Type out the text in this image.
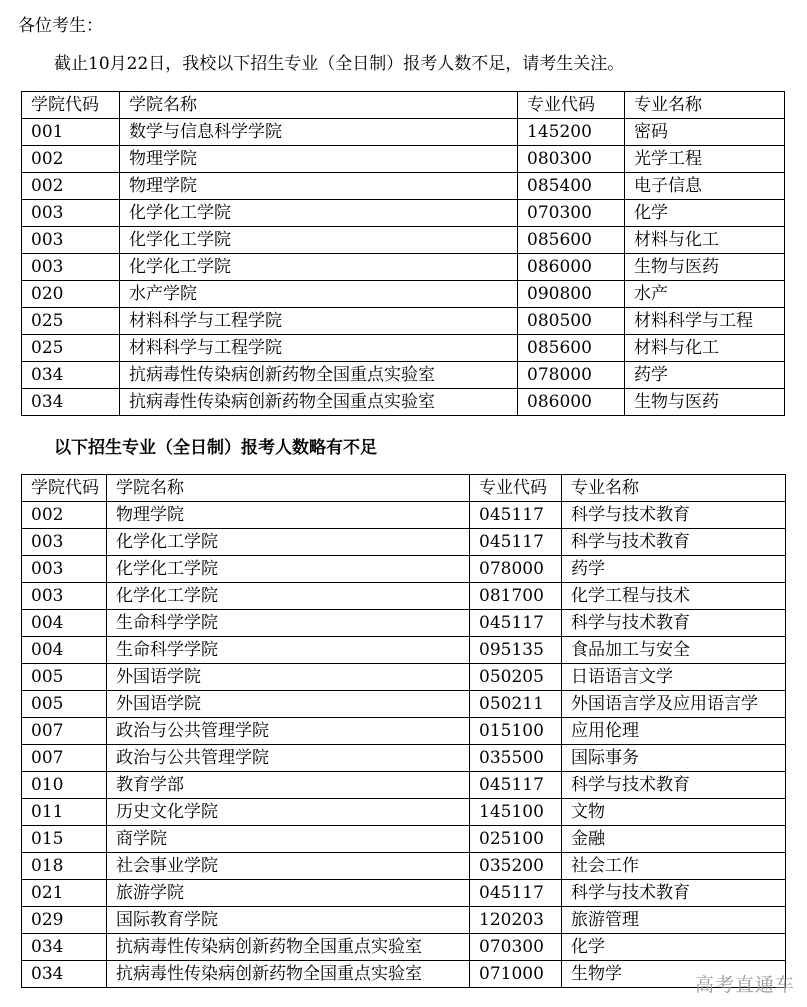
各位考生：
截止10月22日，我校以下招生专业（全日制）报考人数不足，请考生关注。
学院代码	学院名称	专业代码	专业名称
001	数学与信息科学学院	145200	密码
002	物理学院	080300	光学工程
002	物理学院	085400	电子信息
003	化学化工学院	070300	化学
003	化学化工学院	085600	材料与化工
003	化学化工学院	086000	生物与医药
020	水产学院	090800	水产
025	材料科学与工程学院	080500	材料科学与工程
025	材料科学与工程学院	085600	材料与化工
034	抗病毒性传染病创新药物全国重点实验室	078000	药学
034	抗病毒性传染病创新药物全国重点实验室	086000	生物与医药
以下招生专业（全日制）报考人数略有不足
学院代码	学院名称	专业代码	专业名称
002	物理学院	045117	科学与技术教育
003	化学化工学院	045117	科学与技术教育
003	化学化工学院	078000	药学
003	化学化工学院	081700	化学工程与技术
004	生命科学学院	045117	科学与技术教育
004	生命科学学院	095135	食品加工与安全
005	外国语学院	050205	日语语言文学
005	外国语学院	050211	外国语言学及应用语言学
007	政治与公共管理学院	015100	应用伦理
007	政治与公共管理学院	035500	国际事务
010	教育学部	045117	科学与技术教育
011	历史文化学院	145100	文物
015	商学院	025100	金融
018	社会事业学院	035200	社会工作
021	旅游学院	045117	科学与技术教育
029	国际教育学院	120203	旅游管理
034	抗病毒性传染病创新药物全国重点实验室	070300	化学
034	抗病毒性传染病创新药物全国重点实验室	071000	生物学	高考直通车
